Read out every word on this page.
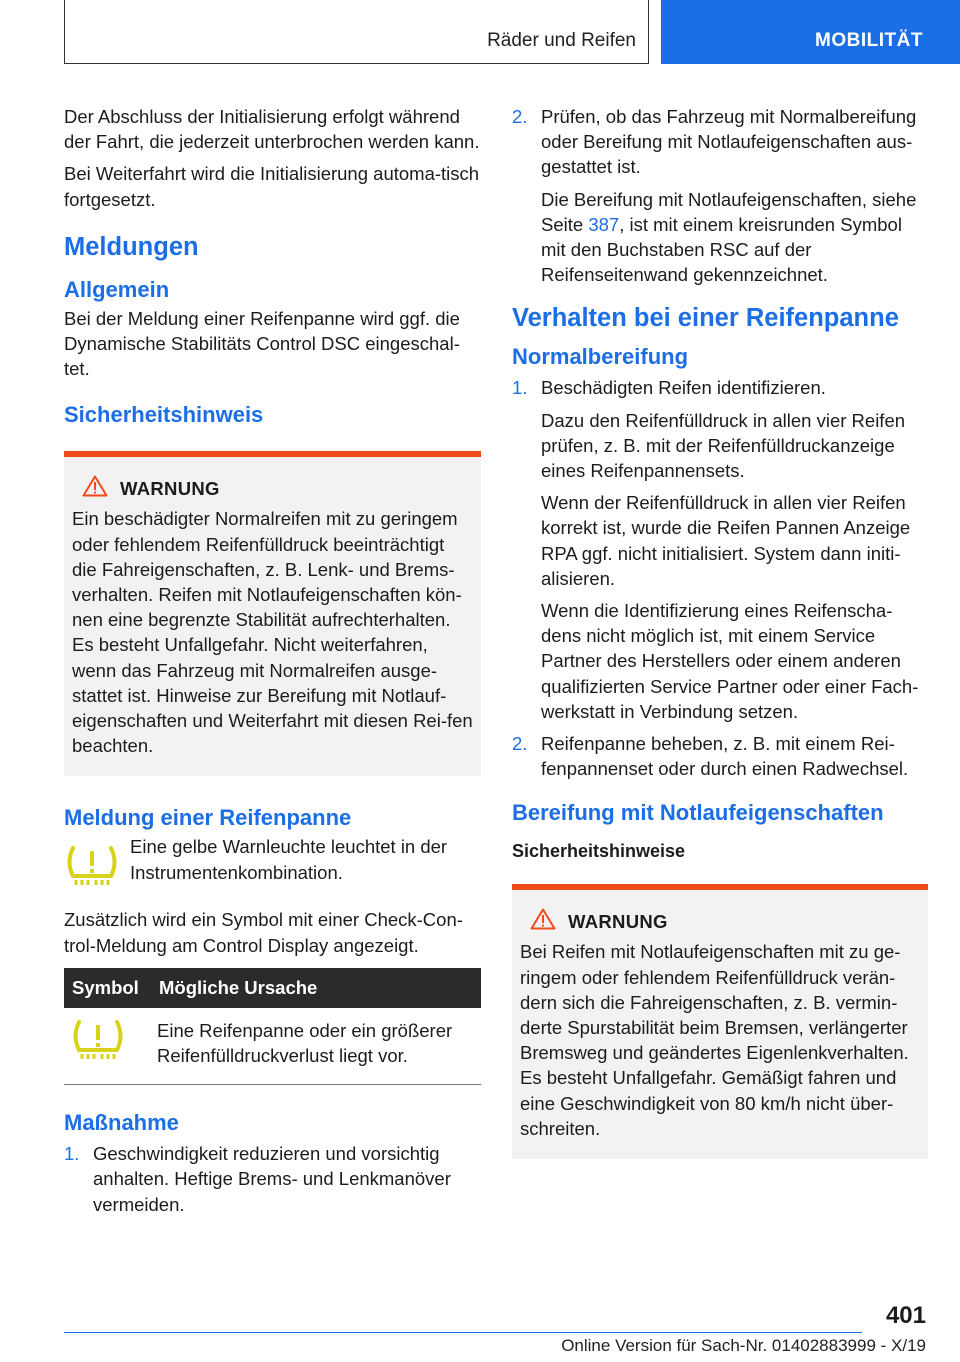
Räder und Reifen	MOBILITÄT

Der Abschluss der Initialisierung erfolgt während der Fahrt, die jederzeit unterbrochen werden kann.

Bei Weiterfahrt wird die Initialisierung automa-tisch fortgesetzt.

Meldungen
Allgemein

Bei der Meldung einer Reifenpanne wird ggf. die Dynamische Stabilitäts Control DSC eingeschal-tet.

Sicherheitshinweis
WARNUNG

Ein beschädigter Normalreifen mit zu geringem oder fehlendem Reifenfülldruck beeinträchtigt die Fahreigenschaften, z. B. Lenk- und Brems-verhalten. Reifen mit Notlaufeigenschaften kön-nen eine begrenzte Stabilität aufrechterhalten. Es besteht Unfallgefahr. Nicht weiterfahren, wenn das Fahrzeug mit Normalreifen ausge-stattet ist. Hinweise zur Bereifung mit Notlauf-eigenschaften und Weiterfahrt mit diesen Rei-fen beachten.

Meldung einer Reifenpanne

Eine gelbe Warnleuchte leuchtet in der Instrumentenkombination.

Zusätzlich wird ein Symbol mit einer Check-Con-trol-Meldung am Control Display angezeigt.

Symbol	Mögliche Ursache
	Eine Reifenpanne oder ein größerer Reifenfülldruckverlust liegt vor.
Maßnahme
1. Geschwindigkeit reduzieren und vorsichtig anhalten. Heftige Brems- und Lenkmanöver vermeiden.
2. Prüfen, ob das Fahrzeug mit Normalbereifung oder Bereifung mit Notlaufeigenschaften aus-gestattet ist.

Die Bereifung mit Notlaufeigenschaften, siehe Seite 387, ist mit einem kreisrunden Symbol mit den Buchstaben RSC auf der Reifenseitenwand gekennzeichnet.

Verhalten bei einer Reifenpanne
Normalbereifung
1. Beschädigten Reifen identifizieren.

Dazu den Reifenfülldruck in allen vier Reifen prüfen, z. B. mit der Reifenfülldruckanzeige eines Reifenpannensets.

Wenn der Reifenfülldruck in allen vier Reifen korrekt ist, wurde die Reifen Pannen Anzeige RPA ggf. nicht initialisiert. System dann initi-alisieren.

Wenn die Identifizierung eines Reifenscha-dens nicht möglich ist, mit einem Service Partner des Herstellers oder einem anderen qualifizierten Service Partner oder einer Fach-werkstatt in Verbindung setzen.

2. Reifenpanne beheben, z. B. mit einem Rei-fenpannenset oder durch einen Radwechsel.

Bereifung mit Notlaufeigenschaften
Sicherheitshinweise
WARNUNG

Bei Reifen mit Notlaufeigenschaften mit zu ge-ringem oder fehlendem Reifenfülldruck verän-dern sich die Fahreigenschaften, z. B. vermin-derte Spurstabilität beim Bremsen, verlängerter Bremsweg und geändertes Eigenlenkverhalten. Es besteht Unfallgefahr. Gemäßigt fahren und eine Geschwindigkeit von 80 km/h nicht über-schreiten.

401
Online Version für Sach-Nr. 01402883999 - X/19
